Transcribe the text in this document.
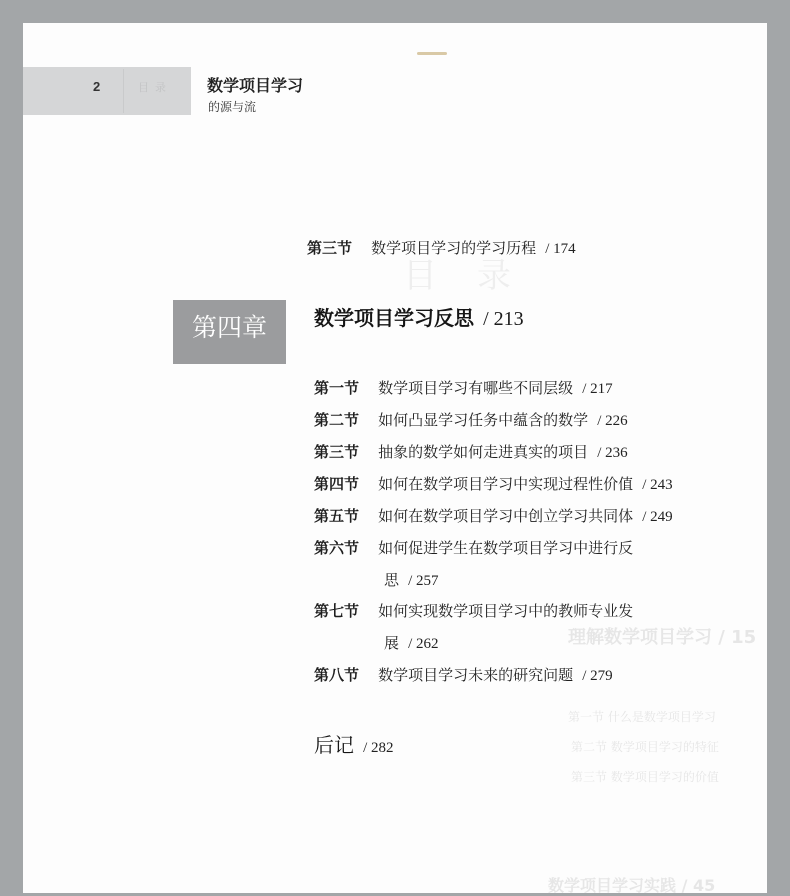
2	目录 数学项目学习
的源与流
目录
理解数学项目学习 / 15
第一节 什么是数学项目学习
第二节 数学项目学习的特征
第三节 数学项目学习的价值
数学项目学习实践 / 45
第三节 数学项目学习的学习历程 / 174
第四章	数学项目学习反思 / 213
第一节 数学项目学习有哪些不同层级 / 217
第二节 如何凸显学习任务中蕴含的数学 / 226
第三节 抽象的数学如何走进真实的项目 / 236
第四节 如何在数学项目学习中实现过程性价值 / 243
第五节 如何在数学项目学习中创立学习共同体 / 249
第六节 如何促进学生在数学项目学习中进行反
思 / 257
第七节 如何实现数学项目学习中的教师专业发
展 / 262
第八节 数学项目学习未来的研究问题 / 279
后记 / 282
